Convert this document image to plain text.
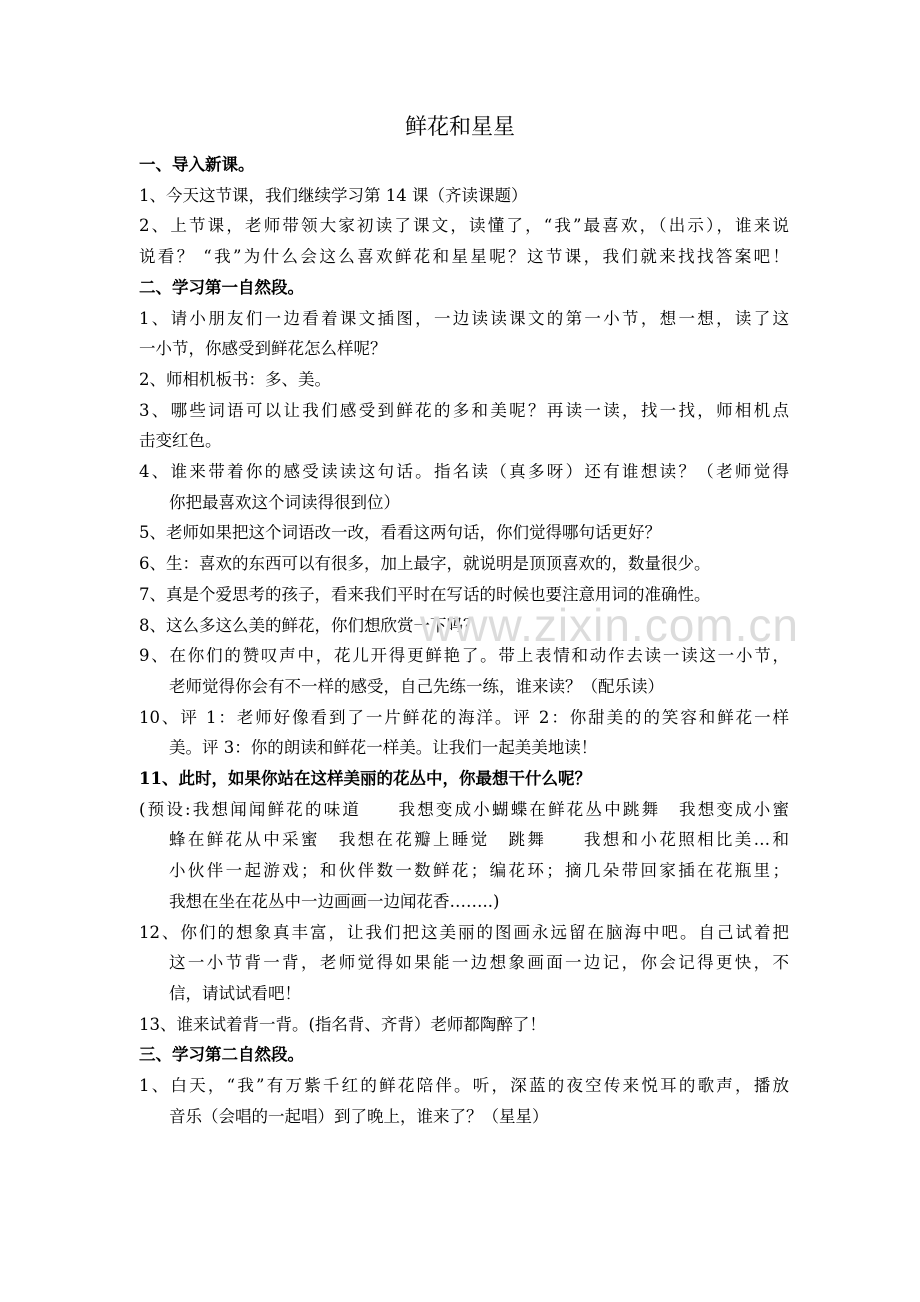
鲜花和星星
一、导入新课。
1、今天这节课，我们继续学习第 14 课（齐读课题）
2、上节课，老师带领大家初读了课文，读懂了，“我”最喜欢，（出示），谁来说
说看？ “我”为什么会这么喜欢鲜花和星星呢？这节课，我们就来找找答案吧！
二、学习第一自然段。
1、请小朋友们一边看着课文插图，一边读读课文的第一小节，想一想，读了这
一小节，你感受到鲜花怎么样呢？
2、师相机板书：多、美。
3、哪些词语可以让我们感受到鲜花的多和美呢？再读一读，找一找，师相机点
击变红色。
4、谁来带着你的感受读读这句话。指名读（真多呀）还有谁想读？（老师觉得
你把最喜欢这个词读得很到位）
5、老师如果把这个词语改一改，看看这两句话，你们觉得哪句话更好？
6、生：喜欢的东西可以有很多，加上最字，就说明是顶顶喜欢的，数量很少。
7、真是个爱思考的孩子，看来我们平时在写话的时候也要注意用词的准确性。
8、这么多这么美的鲜花，你们想欣赏一下吗？
9、在你们的赞叹声中，花儿开得更鲜艳了。带上表情和动作去读一读这一小节，
老师觉得你会有不一样的感受，自己先练一练，谁来读？（配乐读）
10、评 1：老师好像看到了一片鲜花的海洋。评 2：你甜美的的笑容和鲜花一样
美。评 3：你的朗读和鲜花一样美。让我们一起美美地读！
11、此时，如果你站在这样美丽的花丛中，你最想干什么呢？
(预设:我想闻闻鲜花的味道　　我想变成小蝴蝶在鲜花丛中跳舞　我想变成小蜜
蜂在鲜花从中采蜜　我想在花瓣上睡觉　跳舞　　我想和小花照相比美…和
小伙伴一起游戏；和伙伴数一数鲜花；编花环；摘几朵带回家插在花瓶里；
我想在坐在花丛中一边画画一边闻花香……..)
12、你们的想象真丰富，让我们把这美丽的图画永远留在脑海中吧。自己试着把
这一小节背一背，老师觉得如果能一边想象画面一边记，你会记得更快，不
信，请试试看吧！
13、谁来试着背一背。(指名背、齐背）老师都陶醉了！
三、学习第二自然段。
1、白天，“我”有万紫千红的鲜花陪伴。听，深蓝的夜空传来悦耳的歌声，播放
音乐（会唱的一起唱）到了晚上，谁来了？（星星）
www.zixin.com.cn
